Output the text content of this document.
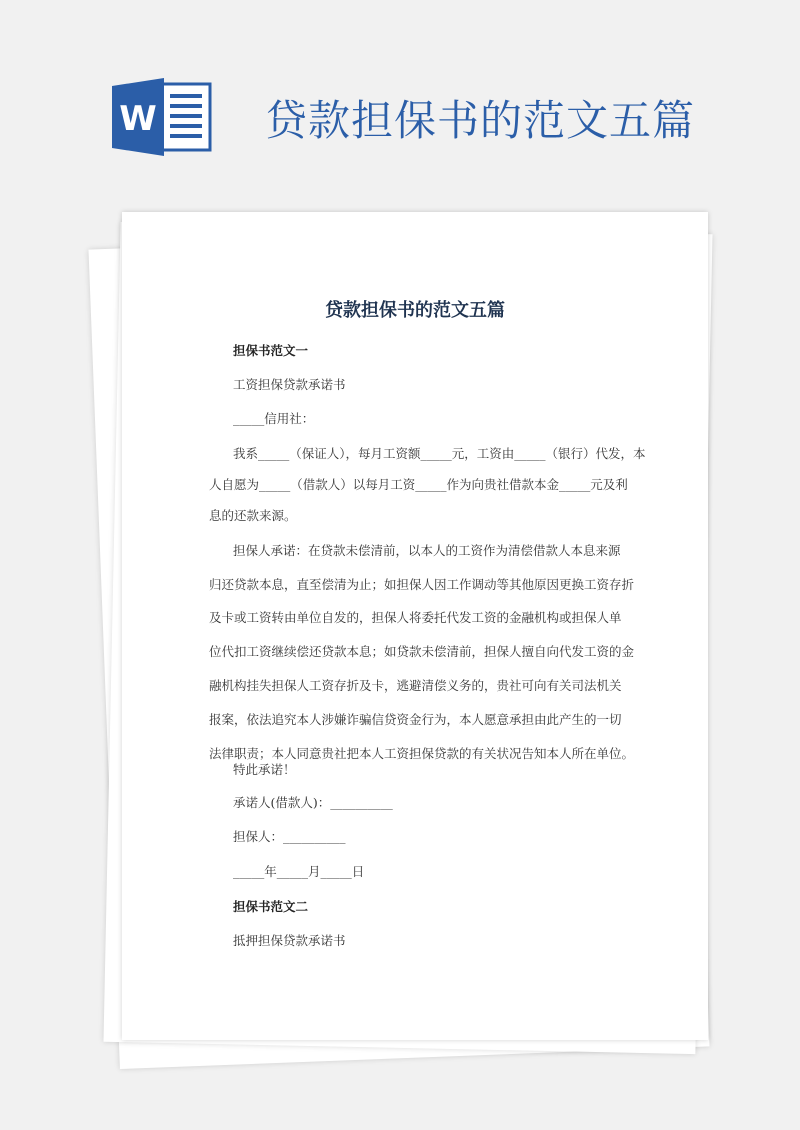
W	贷款担保书的范文五篇
贷款担保书的范文五篇
担保书范文一
工资担保贷款承诺书
_____信用社：
我系_____（保证人），每月工资额_____元，工资由_____（银行）代发，本
人自愿为_____（借款人）以每月工资_____作为向贵社借款本金_____元及利
息的还款来源。
担保人承诺：在贷款未偿清前，以本人的工资作为清偿借款人本息来源
归还贷款本息，直至偿清为止；如担保人因工作调动等其他原因更换工资存折
及卡或工资转由单位自发的，担保人将委托代发工资的金融机构或担保人单
位代扣工资继续偿还贷款本息；如贷款未偿清前，担保人擅自向代发工资的金
融机构挂失担保人工资存折及卡，逃避清偿义务的，贵社可向有关司法机关
报案，依法追究本人涉嫌诈骗信贷资金行为，本人愿意承担由此产生的一切
法律职责；本人同意贵社把本人工资担保贷款的有关状况告知本人所在单位。
特此承诺！
承诺人(借款人)：__________
担保人：__________
_____年_____月_____日
担保书范文二
抵押担保贷款承诺书
